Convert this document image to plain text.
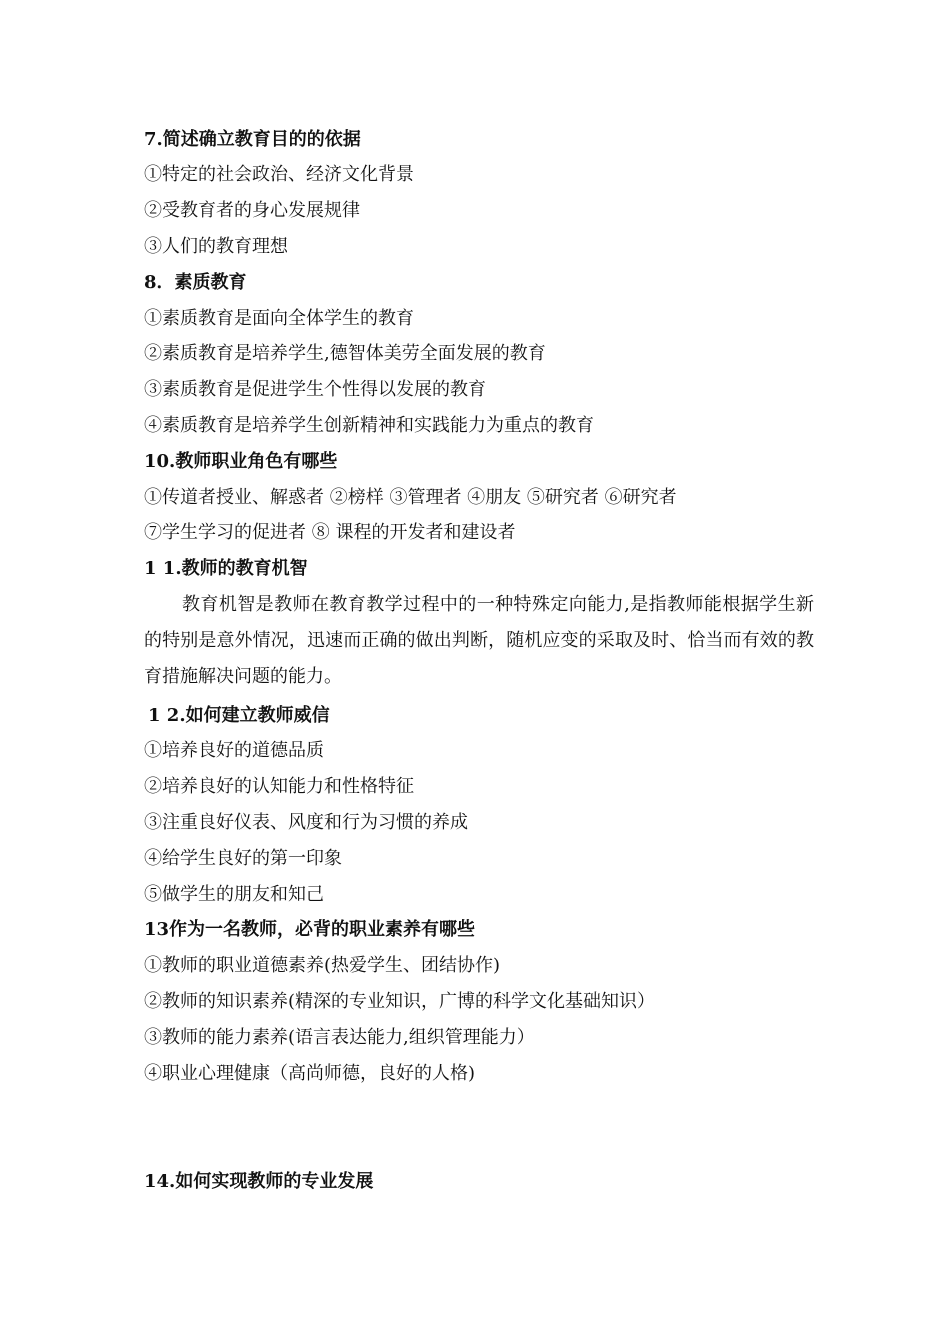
7.简述确立教育目的的依据
①特定的社会政治、经济文化背景
②受教育者的身心发展规律
③人们的教育理想
8．素质教育
①素质教育是面向全体学生的教育
②素质教育是培养学生,德智体美劳全面发展的教育
③素质教育是促进学生个性得以发展的教育
④素质教育是培养学生创新精神和实践能力为重点的教育
10.教师职业角色有哪些
①传道者授业、解惑者 ②榜样 ③管理者 ④朋友 ⑤研究者 ⑥研究者
⑦学生学习的促进者 ⑧ 课程的开发者和建设者
1 1.教师的教育机智
教育机智是教师在教育教学过程中的一种特殊定向能力,是指教师能根据学生新的特别是意外情况，迅速而正确的做出判断，随机应变的采取及时、恰当而有效的教育措施解决问题的能力。
1 2.如何建立教师威信
①培养良好的道德品质
②培养良好的认知能力和性格特征
③注重良好仪表、风度和行为习惯的养成
④给学生良好的第一印象
⑤做学生的朋友和知己
13作为一名教师，必背的职业素养有哪些
①教师的职业道德素养(热爱学生、团结协作)
②教师的知识素养(精深的专业知识，广博的科学文化基础知识）
③教师的能力素养(语言表达能力,组织管理能力）
④职业心理健康（高尚师德，良好的人格)
14.如何实现教师的专业发展
